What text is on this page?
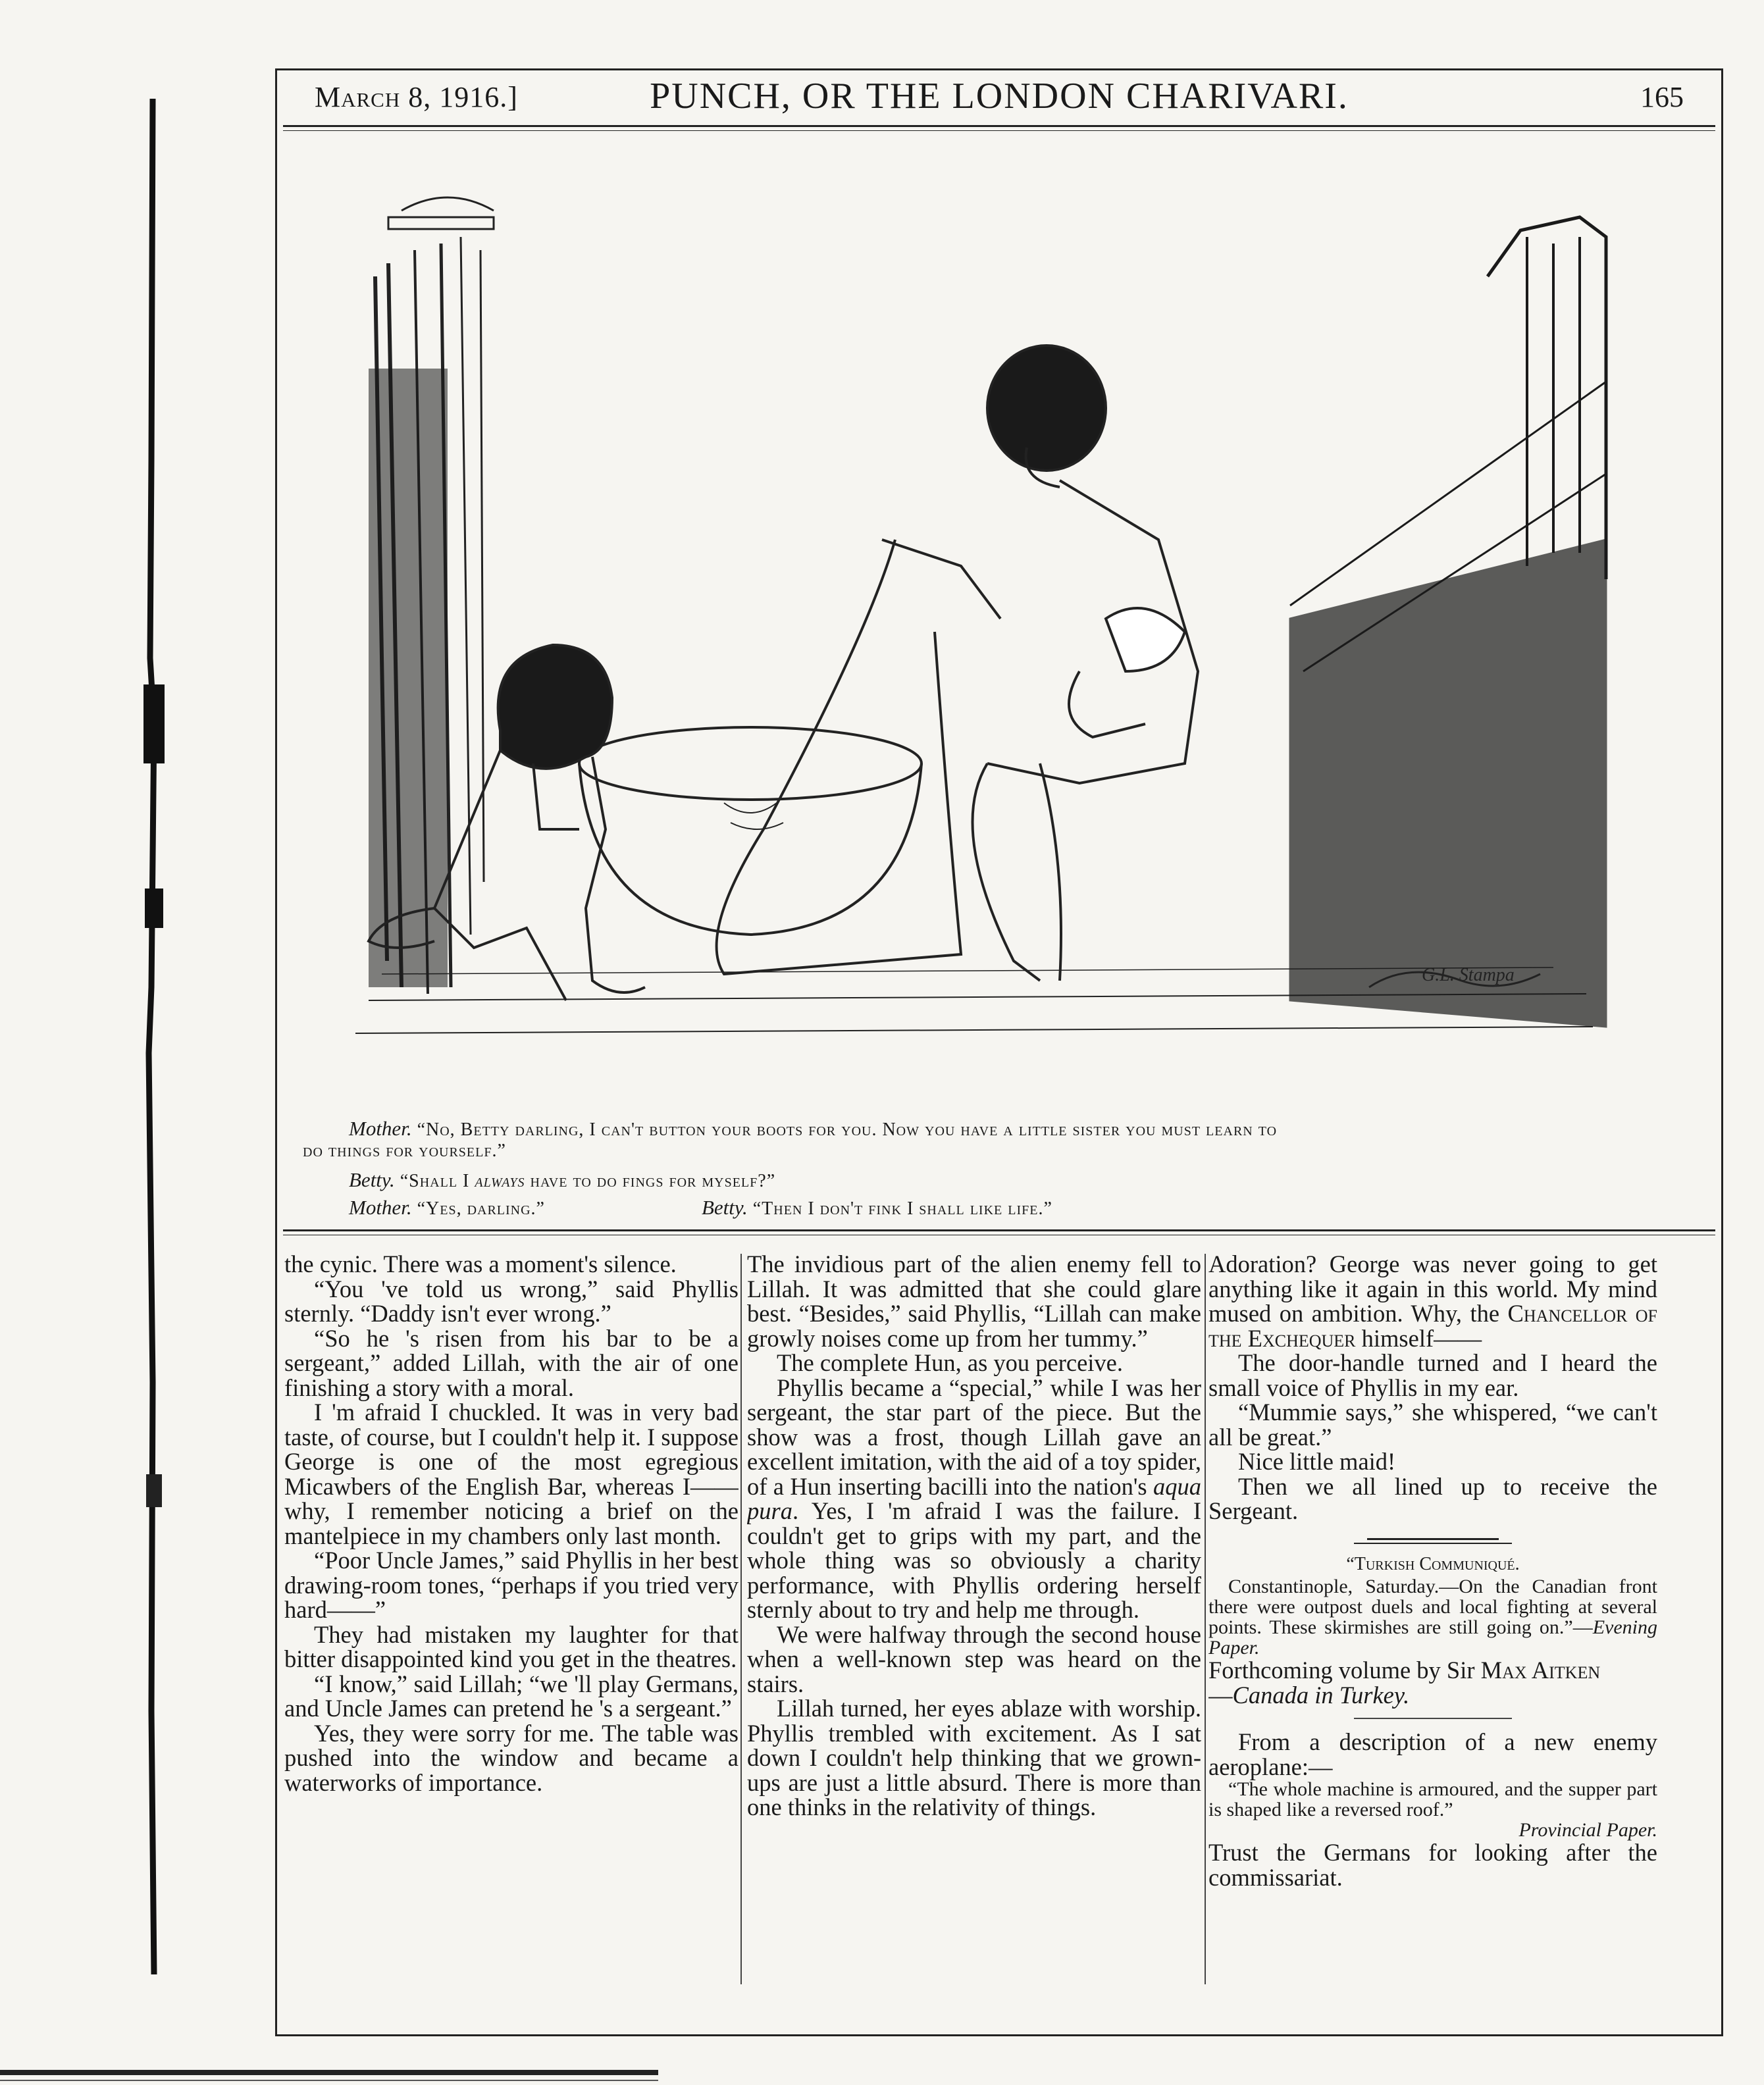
March 8, 1916.]	PUNCH, OR THE LONDON CHARIVARI.	165
G.L. Stampa
Mother. “No, Betty darling, I can't button your boots for you. Now you have a little sister you must learn to
do things for yourself.”
Betty. “Shall I always have to do fings for myself?”
Mother. “Yes, darling.”	Betty. “Then I don't fink I shall like life.”

the cynic. There was a moment's silence.

“You 've told us wrong,” said Phyllis sternly. “Daddy isn't ever wrong.”

“So he 's risen from his bar to be a sergeant,” added Lillah, with the air of one finishing a story with a moral.

I 'm afraid I chuckled. It was in very bad taste, of course, but I couldn't help it. I suppose George is one of the most egregious Micawbers of the English Bar, whereas I—— why, I remember noticing a brief on the mantelpiece in my chambers only last month.

“Poor Uncle James,” said Phyllis in her best drawing-room tones, “perhaps if you tried very hard——”

They had mistaken my laughter for that bitter disappointed kind you get in the theatres.

“I know,” said Lillah; “we 'll play Germans, and Uncle James can pretend he 's a sergeant.”

Yes, they were sorry for me. The table was pushed into the window and became a waterworks of importance.

The invidious part of the alien enemy fell to Lillah. It was admitted that she could glare best. “Besides,” said Phyllis, “Lillah can make growly noises come up from her tummy.”

The complete Hun, as you perceive.

Phyllis became a “special,” while I was her sergeant, the star part of the piece. But the show was a frost, though Lillah gave an excellent imitation, with the aid of a toy spider, of a Hun inserting bacilli into the nation's aqua pura. Yes, I 'm afraid I was the failure. I couldn't get to grips with my part, and the whole thing was so obviously a charity performance, with Phyllis ordering herself sternly about to try and help me through.

We were halfway through the second house when a well-known step was heard on the stairs.

Lillah turned, her eyes ablaze with worship. Phyllis trembled with excitement. As I sat down I couldn't help thinking that we grown-ups are just a little absurd. There is more than one thinks in the relativity of things.

Adoration? George was never going to get anything like it again in this world. My mind mused on ambition. Why, the Chancellor of the Exchequer himself——

The door-handle turned and I heard the small voice of Phyllis in my ear.

“Mummie says,” she whispered, “we can't all be great.”

Nice little maid!

Then we all lined up to receive the Sergeant.

“Turkish Communiqué.

Constantinople, Saturday.—On the Canadian front there were outpost duels and local fighting at several points. These skirmishes are still going on.”—Evening Paper.

Forthcoming volume by Sir Max Aitken
—Canada in Turkey.

From a description of a new enemy aeroplane:—

“The whole machine is armoured, and the supper part is shaped like a reversed roof.”

Provincial Paper.

Trust the Germans for looking after the commissariat.
